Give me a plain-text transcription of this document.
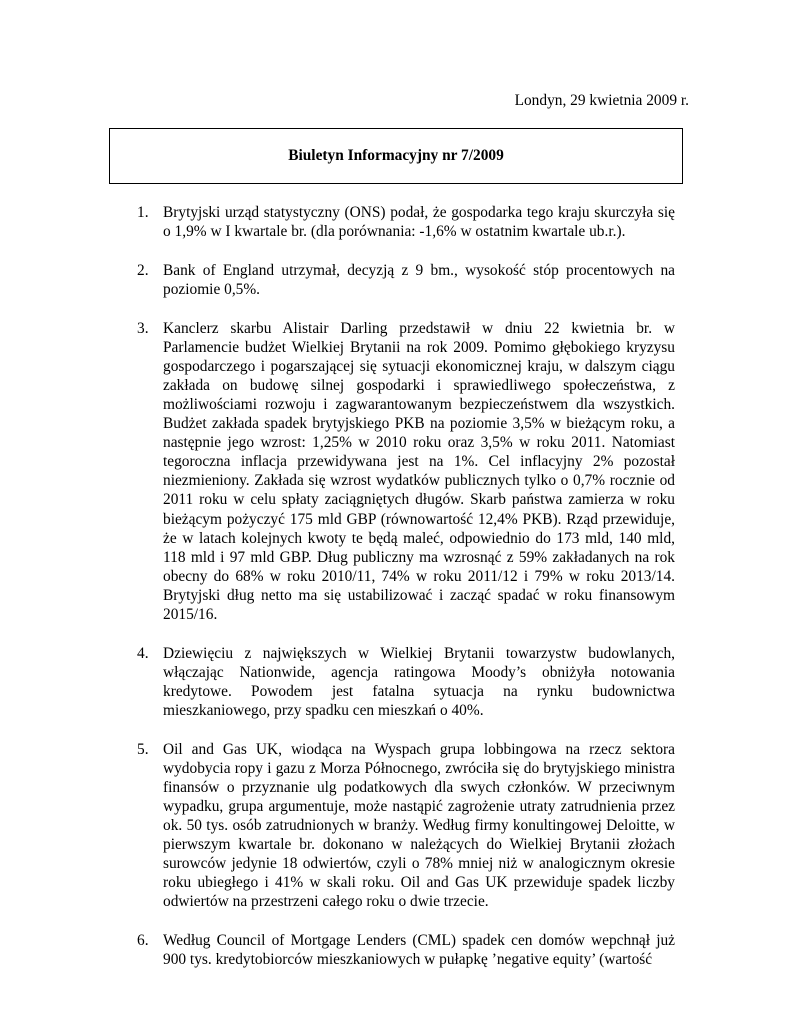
Londyn, 29 kwietnia 2009 r.
Biuletyn Informacyjny nr 7/2009
1. Brytyjski urząd statystyczny (ONS) podał, że gospodarka tego kraju skurczyła się o 1,9% w I kwartale br. (dla porównania: -1,6% w ostatnim kwartale ub.r.).
2. Bank of England utrzymał, decyzją z 9 bm., wysokość stóp procentowych na poziomie 0,5%.
3. Kanclerz skarbu Alistair Darling przedstawił w dniu 22 kwietnia br. w Parlamencie budżet Wielkiej Brytanii na rok 2009. Pomimo głębokiego kryzysu gospodarczego i pogarszającej się sytuacji ekonomicznej kraju, w dalszym ciągu zakłada on budowę silnej gospodarki i sprawiedliwego społeczeństwa, z możliwościami rozwoju i zagwarantowanym bezpieczeństwem dla wszystkich. Budżet zakłada spadek brytyjskiego PKB na poziomie 3,5% w bieżącym roku, a następnie jego wzrost: 1,25% w 2010 roku oraz 3,5% w roku 2011. Natomiast tegoroczna inflacja przewidywana jest na 1%. Cel inflacyjny 2% pozostał niezmieniony. Zakłada się wzrost wydatków publicznych tylko o 0,7% rocznie od 2011 roku w celu spłaty zaciągniętych długów. Skarb państwa zamierza w roku bieżącym pożyczyć 175 mld GBP (równowartość 12,4% PKB). Rząd przewiduje, że w latach kolejnych kwoty te będą maleć, odpowiednio do 173 mld, 140 mld, 118 mld i 97 mld GBP. Dług publiczny ma wzrosnąć z 59% zakładanych na rok obecny do 68% w roku 2010/11, 74% w roku 2011/12 i 79% w roku 2013/14. Brytyjski dług netto ma się ustabilizować i zacząć spadać w roku finansowym 2015/16.
4. Dziewięciu z największych w Wielkiej Brytanii towarzystw budowlanych, włączając Nationwide, agencja ratingowa Moody’s obniżyła notowania kredytowe. Powodem jest fatalna sytuacja na rynku budownictwa mieszkaniowego, przy spadku cen mieszkań o 40%.
5. Oil and Gas UK, wiodąca na Wyspach grupa lobbingowa na rzecz sektora wydobycia ropy i gazu z Morza Północnego, zwróciła się do brytyjskiego ministra finansów o przyznanie ulg podatkowych dla swych członków. W przeciwnym wypadku, grupa argumentuje, może nastąpić zagrożenie utraty zatrudnienia przez ok. 50 tys. osób zatrudnionych w branży. Według firmy konultingowej Deloitte, w pierwszym kwartale br. dokonano w należących do Wielkiej Brytanii złożach surowców jedynie 18 odwiertów, czyli o 78% mniej niż w analogicznym okresie roku ubiegłego i 41% w skali roku. Oil and Gas UK przewiduje spadek liczby odwiertów na przestrzeni całego roku o dwie trzecie.
6. Według Council of Mortgage Lenders (CML) spadek cen domów wepchnął już 900 tys. kredytobiorców mieszkaniowych w pułapkę ’negative equity’ (wartość
